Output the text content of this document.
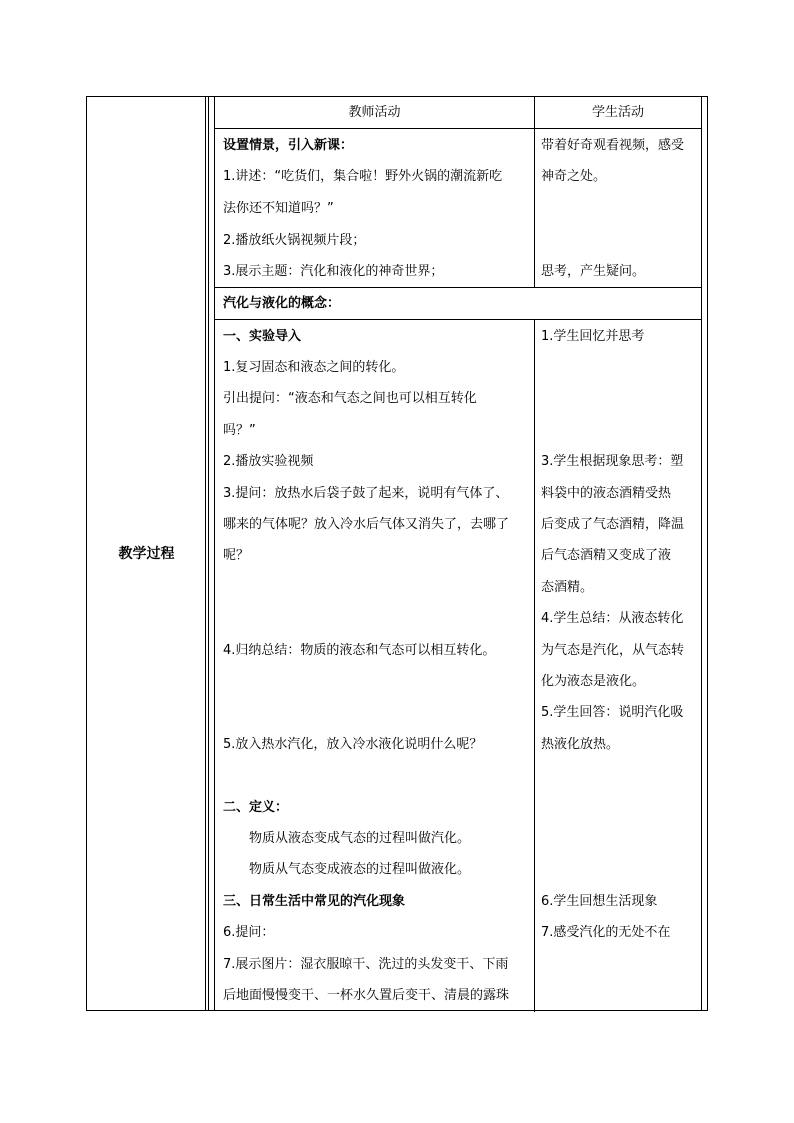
教学过程
教师活动	学生活动
设置情景，引入新课：
1.讲述：“吃货们，集合啦！野外火锅的潮流新吃
法你还不知道吗？”
2.播放纸火锅视频片段；
3.展示主题：汽化和液化的神奇世界；
带着好奇观看视频，感受
神奇之处。
思考，产生疑问。
汽化与液化的概念：
一、实验导入
1.复习固态和液态之间的转化。
引出提问：“液态和气态之间也可以相互转化
吗？”
2.播放实验视频
3.提问：放热水后袋子鼓了起来，说明有气体了、
哪来的气体呢？放入冷水后气体又消失了，去哪了
呢？
4.归纳总结：物质的液态和气态可以相互转化。
5.放入热水汽化，放入冷水液化说明什么呢？
二、定义：
物质从液态变成气态的过程叫做汽化。
物质从气态变成液态的过程叫做液化。
三、日常生活中常见的汽化现象
6.提问：
7.展示图片：湿衣服晾干、洗过的头发变干、下雨
后地面慢慢变干、一杯水久置后变干、清晨的露珠
1.学生回忆并思考
3.学生根据现象思考：塑
料袋中的液态酒精受热
后变成了气态酒精，降温
后气态酒精又变成了液
态酒精。
4.学生总结：从液态转化
为气态是汽化，从气态转
化为液态是液化。
5.学生回答：说明汽化吸
热液化放热。
6.学生回想生活现象
7.感受汽化的无处不在
